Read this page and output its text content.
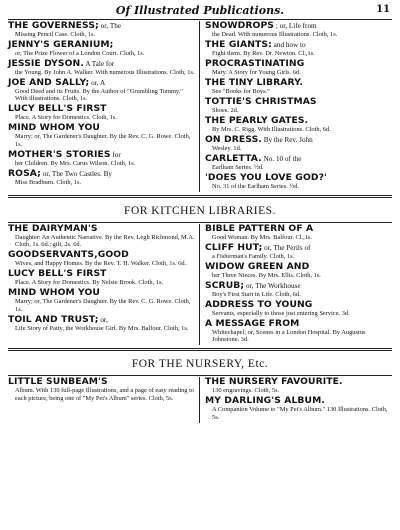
Of Illustrated Publications.	11
THE GOVERNESS; or, The
Missing Pencil Case. Cloth, 1s.
JENNY'S GERANIUM;
or, The Prize Flower of a London Court. Cloth, 1s.
JESSIE DYSON. A Tale for
the Young. By John A. Walker. With numerous Illustrations. Cloth, 1s.
JOE AND SALLY; or, A
Good Deed and its Fruits. By the Author of "Grumbling Tommy." With illustrations. Cloth, 1s.
LUCY BELL'S FIRST
Place. A Story for Domestics. Cloth, 1s.
MIND WHOM YOU
Marry; or, The Gardener's Daughter. By the Rev. C. G. Rowe. Cloth, 1s.
MOTHER'S STORIES for
her Children. By Mrs. Carus Wilson. Cloth, 1s.
ROSA; or, The Two Castles. By
Miss Bradburn. Cloth, 1s.
SNOWDROPS ; or, Life from
the Dead. With numerous Illustrations. Cloth, 1s.
THE GIANTS: and how to
Fight them. By Rev. Dr. Newton. Cl.,1s.
PROCRASTINATING
Mary. A Story for Young Girls. 6d.
THE TINY LIBRARY.
See "Books for Boys."
TOTTIE'S CHRISTMAS
Shoes. 2d.
THE PEARLY GATES.
By Mrs. C. Rigg. With Illustrations. Cloth, 6d.
ON DRESS. By the Rev. John
Wesley. 1d.
CARLETTA. No. 10 of the
Earlham Series. ½d.
'DOES YOU LOVE GOD?'
No. 31 of the Earlham Series. ½d.
FOR KITCHEN LIBRARIES.
THE DAIRYMAN'S
Daughter: An Authentic Narrative. By the Rev. Legh Richmond, M.A. Cloth, 1s. 6d.; gilt, 2s. 6d.
GOODSERVANTS,GOOD
Wives, and Happy Homes. By the Rev. T. H. Walker. Cloth, 1s. 6d.
LUCY BELL'S FIRST
Place. A Story for Domestics. By Nelsie Brook. Cloth, 1s.
MIND WHOM YOU
Marry; or, The Gardener's Daughter. By the Rev. C. G. Rowe. Cloth, 1s.
TOIL AND TRUST; or,
Life Story of Patty, the Workhouse Girl. By Mrs. Balfour. Cloth, 1s.
BIBLE PATTERN OF A
Good Woman. By Mrs. Balfour. Cl.,1s.
CLIFF HUT; or, The Perils of
a Fisherman's Family. Cloth, 1s.
WIDOW GREEN AND
her Three Nieces. By Mrs. Ellis. Cloth, 1s.
SCRUB; or, The Workhouse
Boy's First Start in Life. Cloth, 6d.
ADDRESS TO YOUNG
Servants, especially to those just entering Service. 3d.
A MESSAGE FROM
Whitechapel; or, Scenes in a London Hospital. By Augustus Johnstone. 3d.
FOR THE NURSERY, Etc.
LITTLE SUNBEAM'S
Album. With 130 full-page Illustrations, and a page of easy reading to each picture, being one of "My Pet's Album" series. Cloth, 5s.
THE NURSERY FAVOURITE.
130 engravings. Cloth, 5s.
MY DARLING'S ALBUM.
A Companion Volume to "My Pet's Album." 130 Illustrations. Cloth, 5s.
